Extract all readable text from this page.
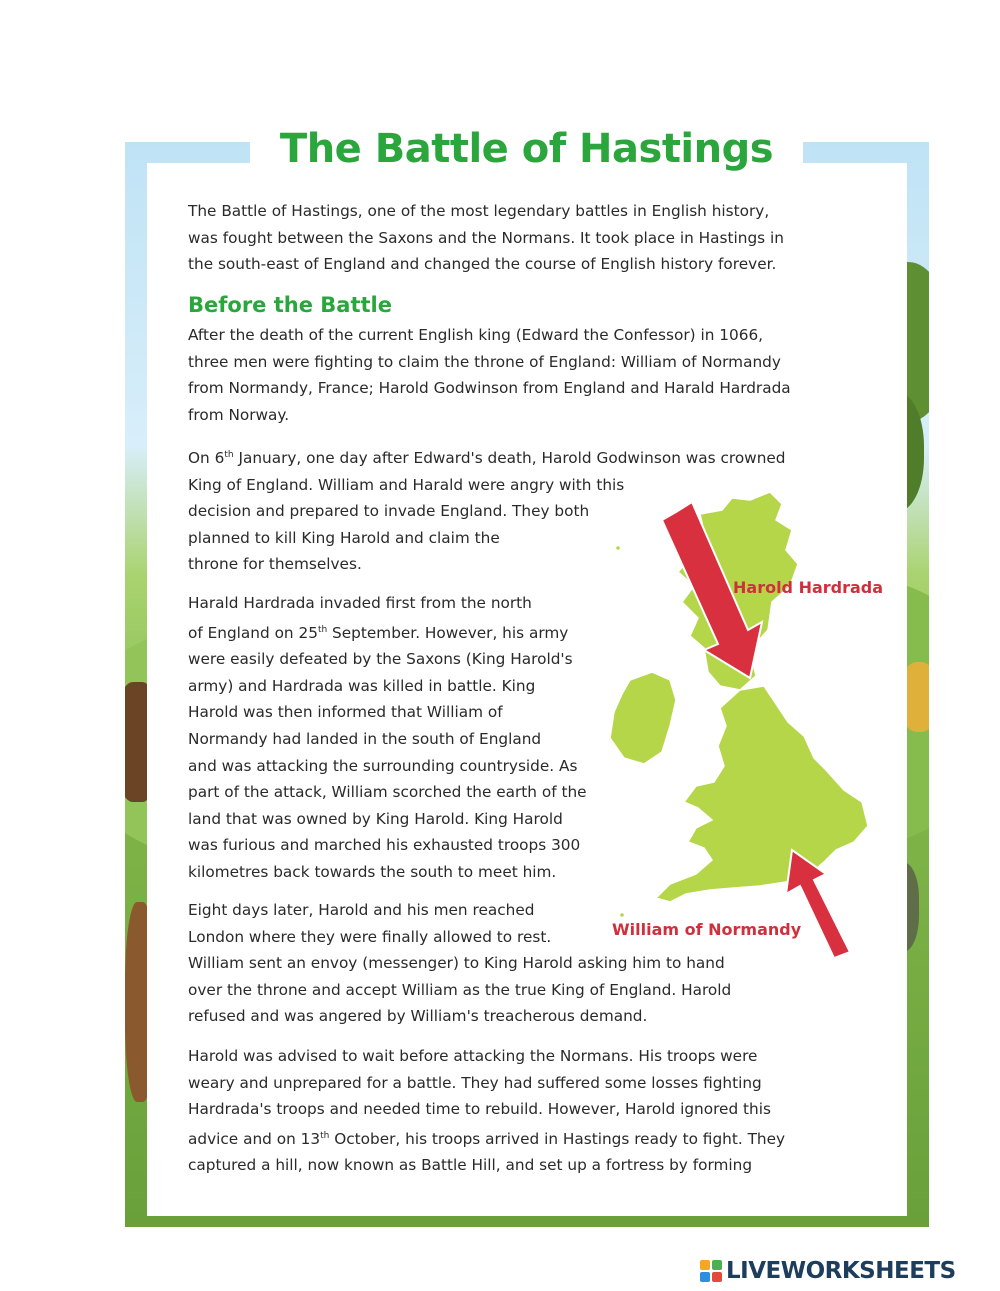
The Battle of Hastings

The Battle of Hastings, one of the most legendary battles in English history,
was fought between the Saxons and the Normans. It took place in Hastings in
the south-east of England and changed the course of English history forever.

Before the Battle

After the death of the current English king (Edward the Confessor) in 1066,
three men were fighting to claim the throne of England: William of Normandy
from Normandy, France; Harold Godwinson from England and Harald Hardrada
from Norway.

On 6th January, one day after Edward's death, Harold Godwinson was crowned
King of England. William and Harald were angry with this
decision and prepared to invade England. They both
planned to kill King Harold and claim the
throne for themselves.

Harald Hardrada invaded first from the north
of England on 25th September. However, his army
were easily defeated by the Saxons (King Harold's
army) and Hardrada was killed in battle. King
Harold was then informed that William of
Normandy had landed in the south of England
and was attacking the surrounding countryside. As
part of the attack, William scorched the earth of the
land that was owned by King Harold. King Harold
was furious and marched his exhausted troops 300
kilometres back towards the south to meet him.

Eight days later, Harold and his men reached
London where they were finally allowed to rest.
William sent an envoy (messenger) to King Harold asking him to hand
over the throne and accept William as the true King of England. Harold
refused and was angered by William's treacherous demand.

Harold was advised to wait before attacking the Normans. His troops were
weary and unprepared for a battle. They had suffered some losses fighting
Hardrada's troops and needed time to rebuild. However, Harold ignored this
advice and on 13th October, his troops arrived in Hastings ready to fight. They
captured a hill, now known as Battle Hill, and set up a fortress by forming

Harold Hardrada
William of Normandy
LIVEWORKSHEETS
